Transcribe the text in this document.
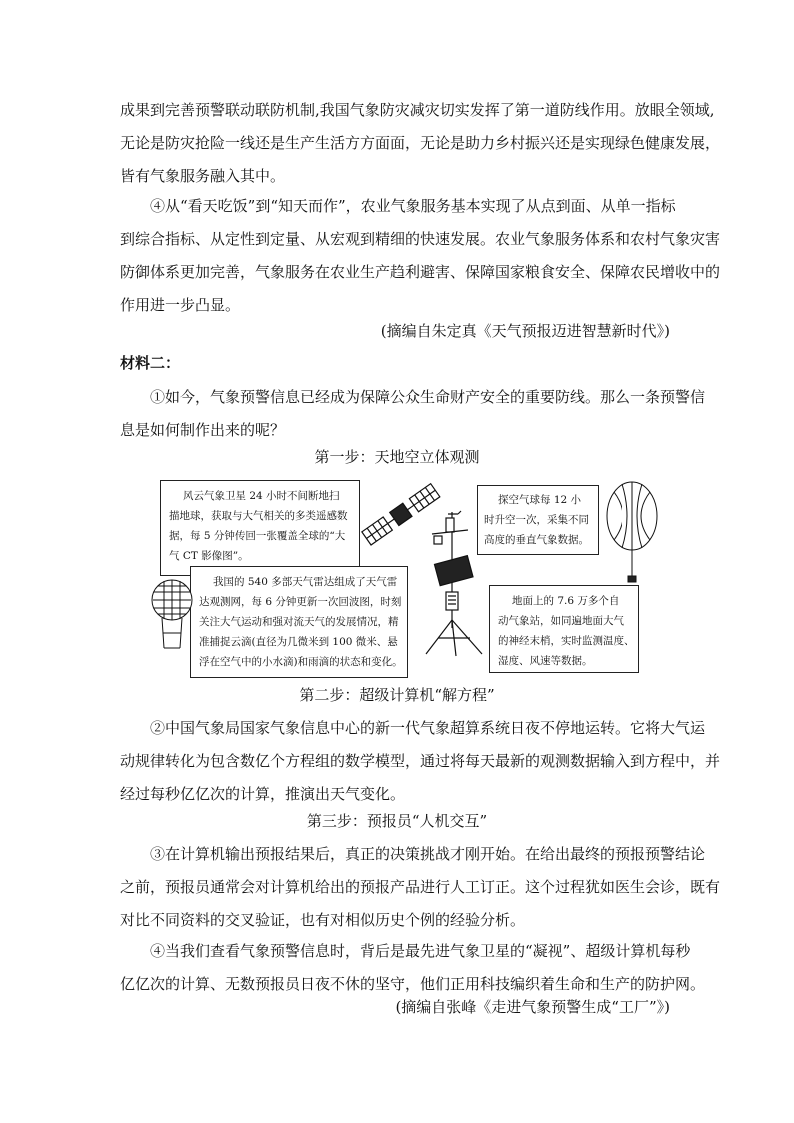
成果到完善预警联动联防机制,我国气象防灾减灾切实发挥了第一道防线作用。放眼全领域,
无论是防灾抢险一线还是生产生活方方面面，无论是助力乡村振兴还是实现绿色健康发展，
皆有气象服务融入其中。

④从“看天吃饭”到“知天而作”，农业气象服务基本实现了从点到面、从单一指标
到综合指标、从定性到定量、从宏观到精细的快速发展。农业气象服务体系和农村气象灾害
防御体系更加完善，气象服务在农业生产趋利避害、保障国家粮食安全、保障农民增收中的
作用进一步凸显。

(摘编自朱定真《天气预报迈进智慧新时代》)
材料二：

①如今，气象预警信息已经成为保障公众生命财产安全的重要防线。那么一条预警信
息是如何制作出来的呢？

第一步：天地空立体观测
风云气象卫星 24 小时不间断地扫
描地球，获取与大气相关的多类遥感数
据，每 5 分钟传回一张覆盖全球的“大
气 CT 影像图”。
探空气球每 12 小
时升空一次，采集不同
高度的垂直气象数据。
我国的 540 多部天气雷达组成了天气雷
达观测网，每 6 分钟更新一次回波图，时刻
关注大气运动和强对流天气的发展情况，精
准捕捉云滴(直径为几微米到 100 微米、悬
浮在空气中的小水滴)和雨滴的状态和变化。
地面上的 7.6 万多个自
动气象站，如同遍地面大气
的神经末梢，实时监测温度、
湿度、风速等数据。
第二步：超级计算机“解方程”

②中国气象局国家气象信息中心的新一代气象超算系统日夜不停地运转。它将大气运
动规律转化为包含数亿个方程组的数学模型，通过将每天最新的观测数据输入到方程中，并
经过每秒亿亿次的计算，推演出天气变化。

第三步：预报员“人机交互”

③在计算机输出预报结果后，真正的决策挑战才刚开始。在给出最终的预报预警结论
之前，预报员通常会对计算机给出的预报产品进行人工订正。这个过程犹如医生会诊，既有
对比不同资料的交叉验证，也有对相似历史个例的经验分析。

④当我们查看气象预警信息时，背后是最先进气象卫星的“凝视”、超级计算机每秒
亿亿次的计算、无数预报员日夜不休的坚守，他们正用科技编织着生命和生产的防护网。

(摘编自张峰《走进气象预警生成“工厂”》)
